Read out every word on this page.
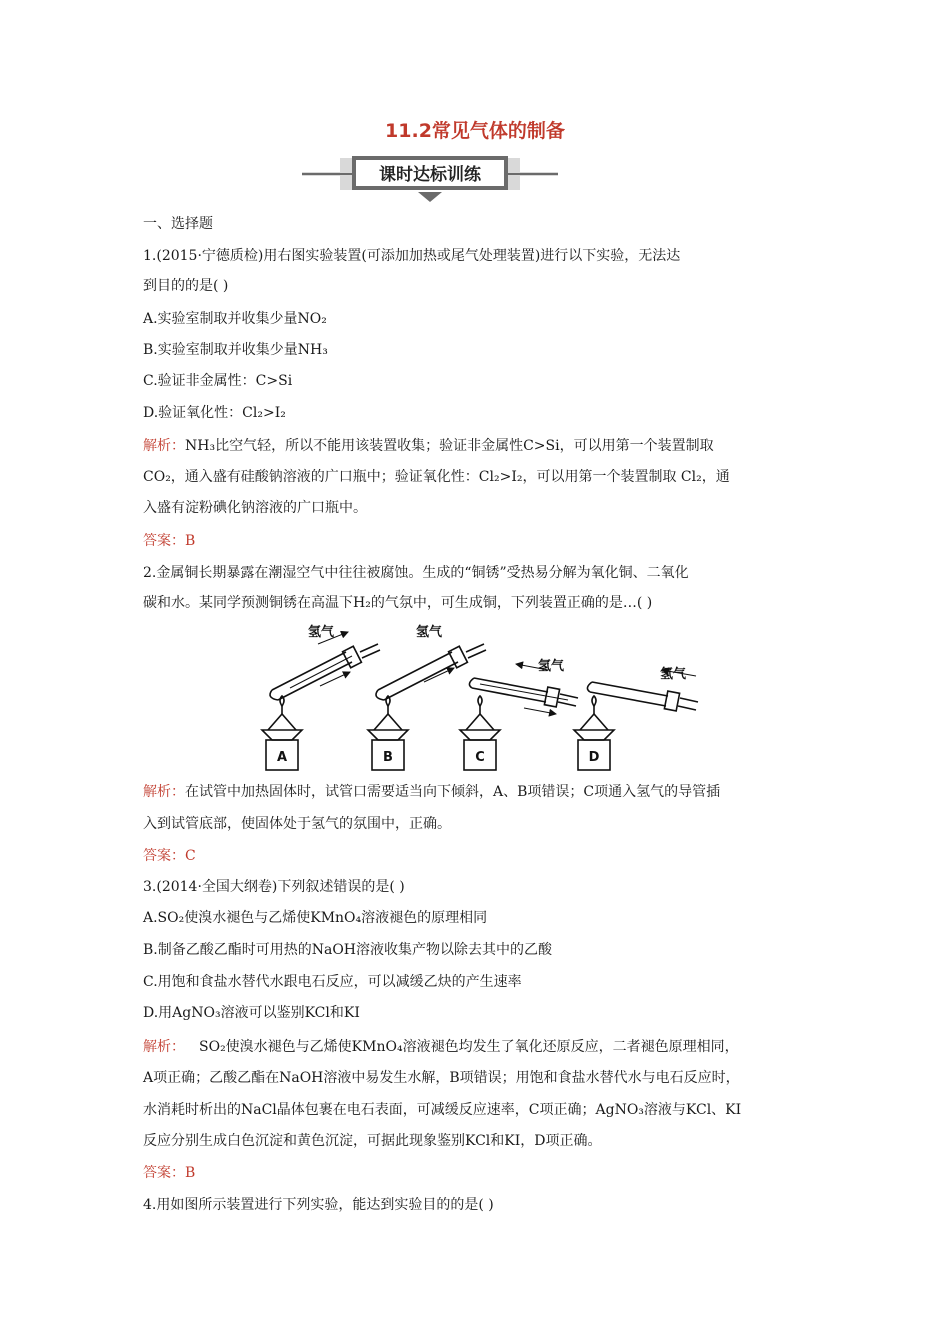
11.2常见气体的制备
课时达标训练
一、选择题
1.(2015·宁德质检)用右图实验装置(可添加加热或尾气处理装置)进行以下实验，无法达
到目的的是( )
A.实验室制取并收集少量NO₂
B.实验室制取并收集少量NH₃
C.验证非金属性：C>Si
D.验证氧化性：Cl₂>I₂
解析：NH₃比空气轻，所以不能用该装置收集；验证非金属性C>Si，可以用第一个装置制取
CO₂，通入盛有硅酸钠溶液的广口瓶中；验证氧化性：Cl₂>I₂，可以用第一个装置制取 Cl₂，通
入盛有淀粉碘化钠溶液的广口瓶中。
答案：B
2.金属铜长期暴露在潮湿空气中往往被腐蚀。生成的“铜锈”受热易分解为氧化铜、二氧化
碳和水。某同学预测铜锈在高温下H₂的气氛中，可生成铜，下列装置正确的是…( )
氢气	氢气
氢气
氢气
A	B	C	D
解析：在试管中加热固体时，试管口需要适当向下倾斜，A、B项错误；C项通入氢气的导管插
入到试管底部，使固体处于氢气的氛围中，正确。
答案：C
3.(2014·全国大纲卷)下列叙述错误的是( )
A.SO₂使溴水褪色与乙烯使KMnO₄溶液褪色的原理相同
B.制备乙酸乙酯时可用热的NaOH溶液收集产物以除去其中的乙酸
C.用饱和食盐水替代水跟电石反应，可以减缓乙炔的产生速率
D.用AgNO₃溶液可以鉴别KCl和KI
解析： SO₂使溴水褪色与乙烯使KMnO₄溶液褪色均发生了氧化还原反应，二者褪色原理相同，
A项正确；乙酸乙酯在NaOH溶液中易发生水解，B项错误；用饱和食盐水替代水与电石反应时，
水消耗时析出的NaCl晶体包裹在电石表面，可减缓反应速率，C项正确；AgNO₃溶液与KCl、KI
反应分别生成白色沉淀和黄色沉淀，可据此现象鉴别KCl和KI，D项正确。
答案：B
4.用如图所示装置进行下列实验，能达到实验目的的是( )
